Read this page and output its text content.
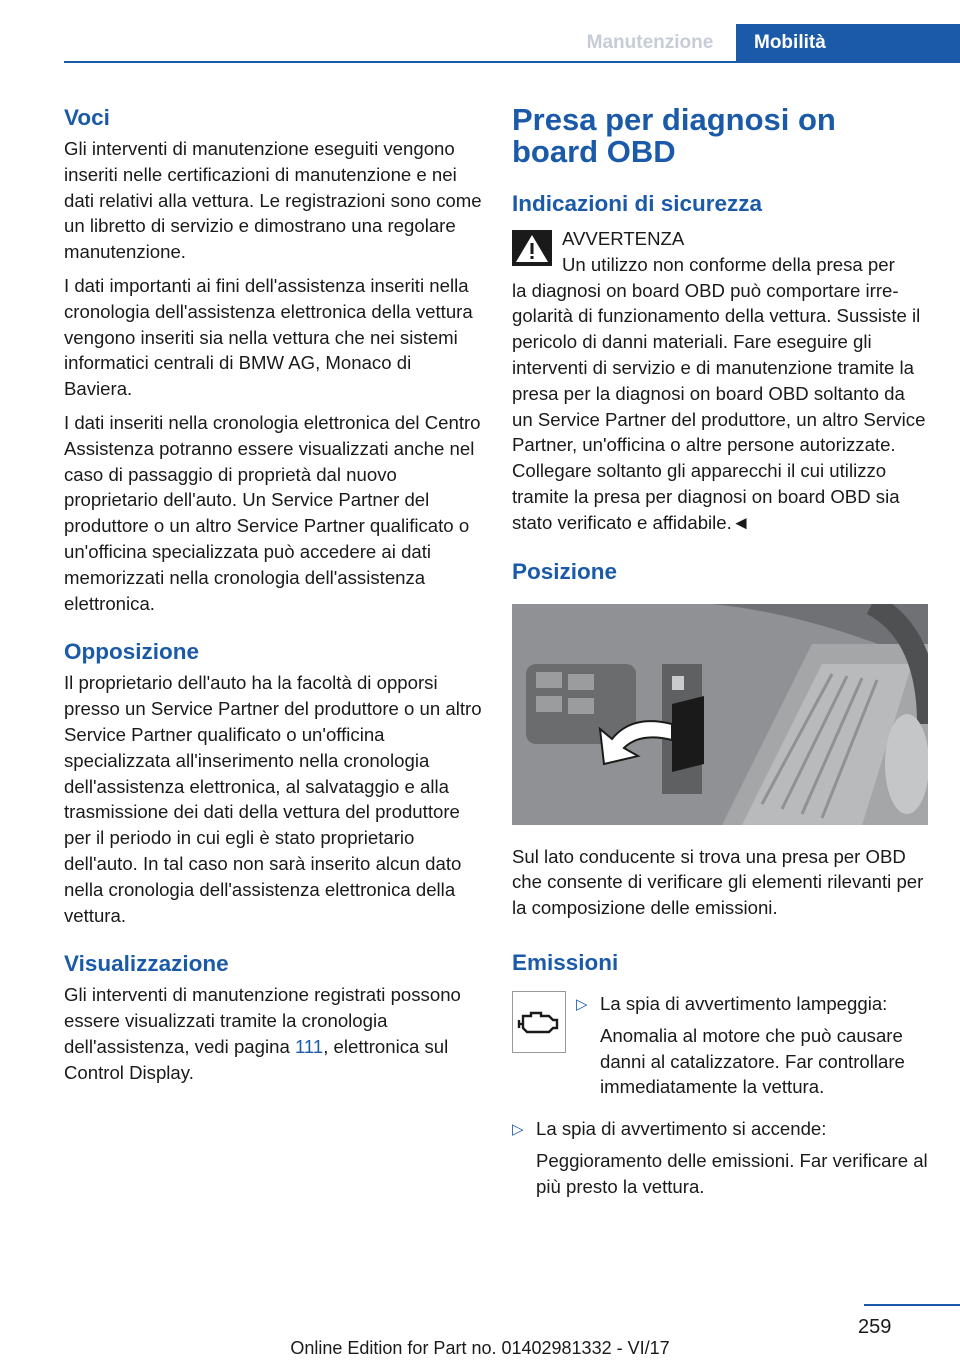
Manutenzione	Mobilità
Voci

Gli interventi di manutenzione eseguiti vengono inseriti nelle certificazioni di manutenzione e nei dati relativi alla vettura. Le registrazioni sono come un libretto di servizio e dimostrano una regolare manutenzione.

I dati importanti ai fini dell'assistenza inseriti nella cronologia dell'assistenza elettronica della vettura vengono inseriti sia nella vettura che nei sistemi informatici centrali di BMW AG, Monaco di Baviera.

I dati inseriti nella cronologia elettronica del Centro Assistenza potranno essere visualizzati anche nel caso di passaggio di proprietà dal nuovo proprietario dell'auto. Un Service Partner del produttore o un altro Service Partner qualificato o un'officina specializzata può accedere ai dati memorizzati nella cronologia dell'assistenza elettronica.

Opposizione

Il proprietario dell'auto ha la facoltà di opporsi presso un Service Partner del produttore o un altro Service Partner qualificato o un'officina specializzata all'inserimento nella cronologia dell'assistenza elettronica, al salvataggio e alla trasmissione dei dati della vettura del produttore per il periodo in cui egli è stato proprietario dell'auto. In tal caso non sarà inserito alcun dato nella cronologia dell'assistenza elettronica della vettura.

Visualizzazione

Gli interventi di manutenzione registrati possono essere visualizzati tramite la cronologia dell'assistenza, vedi pagina 111, elettronica sul Control Display.

Presa per diagnosi on board OBD
Indicazioni di sicurezza

AVVERTENZA

Un utilizzo non conforme della presa per
la diagnosi on board OBD può comportare irregolarità di funzionamento della vettura. Sussiste il pericolo di danni materiali. Fare eseguire gli interventi di servizio e di manutenzione tramite la presa per la diagnosi on board OBD soltanto da un Service Partner del produttore, un altro Service Partner, un'officina o altre persone autorizzate. Collegare soltanto gli apparecchi il cui utilizzo tramite la presa per diagnosi on board OBD sia stato verificato e affidabile.◄

Posizione

Sul lato conducente si trova una presa per OBD che consente di verificare gli elementi rilevanti per la composizione delle emissioni.

Emissioni
▷ La spia di avvertimento lampeggia:

Anomalia al motore che può causare danni al catalizzatore. Far controllare immediatamente la vettura.

▷ La spia di avvertimento si accende:

Peggioramento delle emissioni. Far verificare al più presto la vettura.

259
Online Edition for Part no. 01402981332 - VI/17
